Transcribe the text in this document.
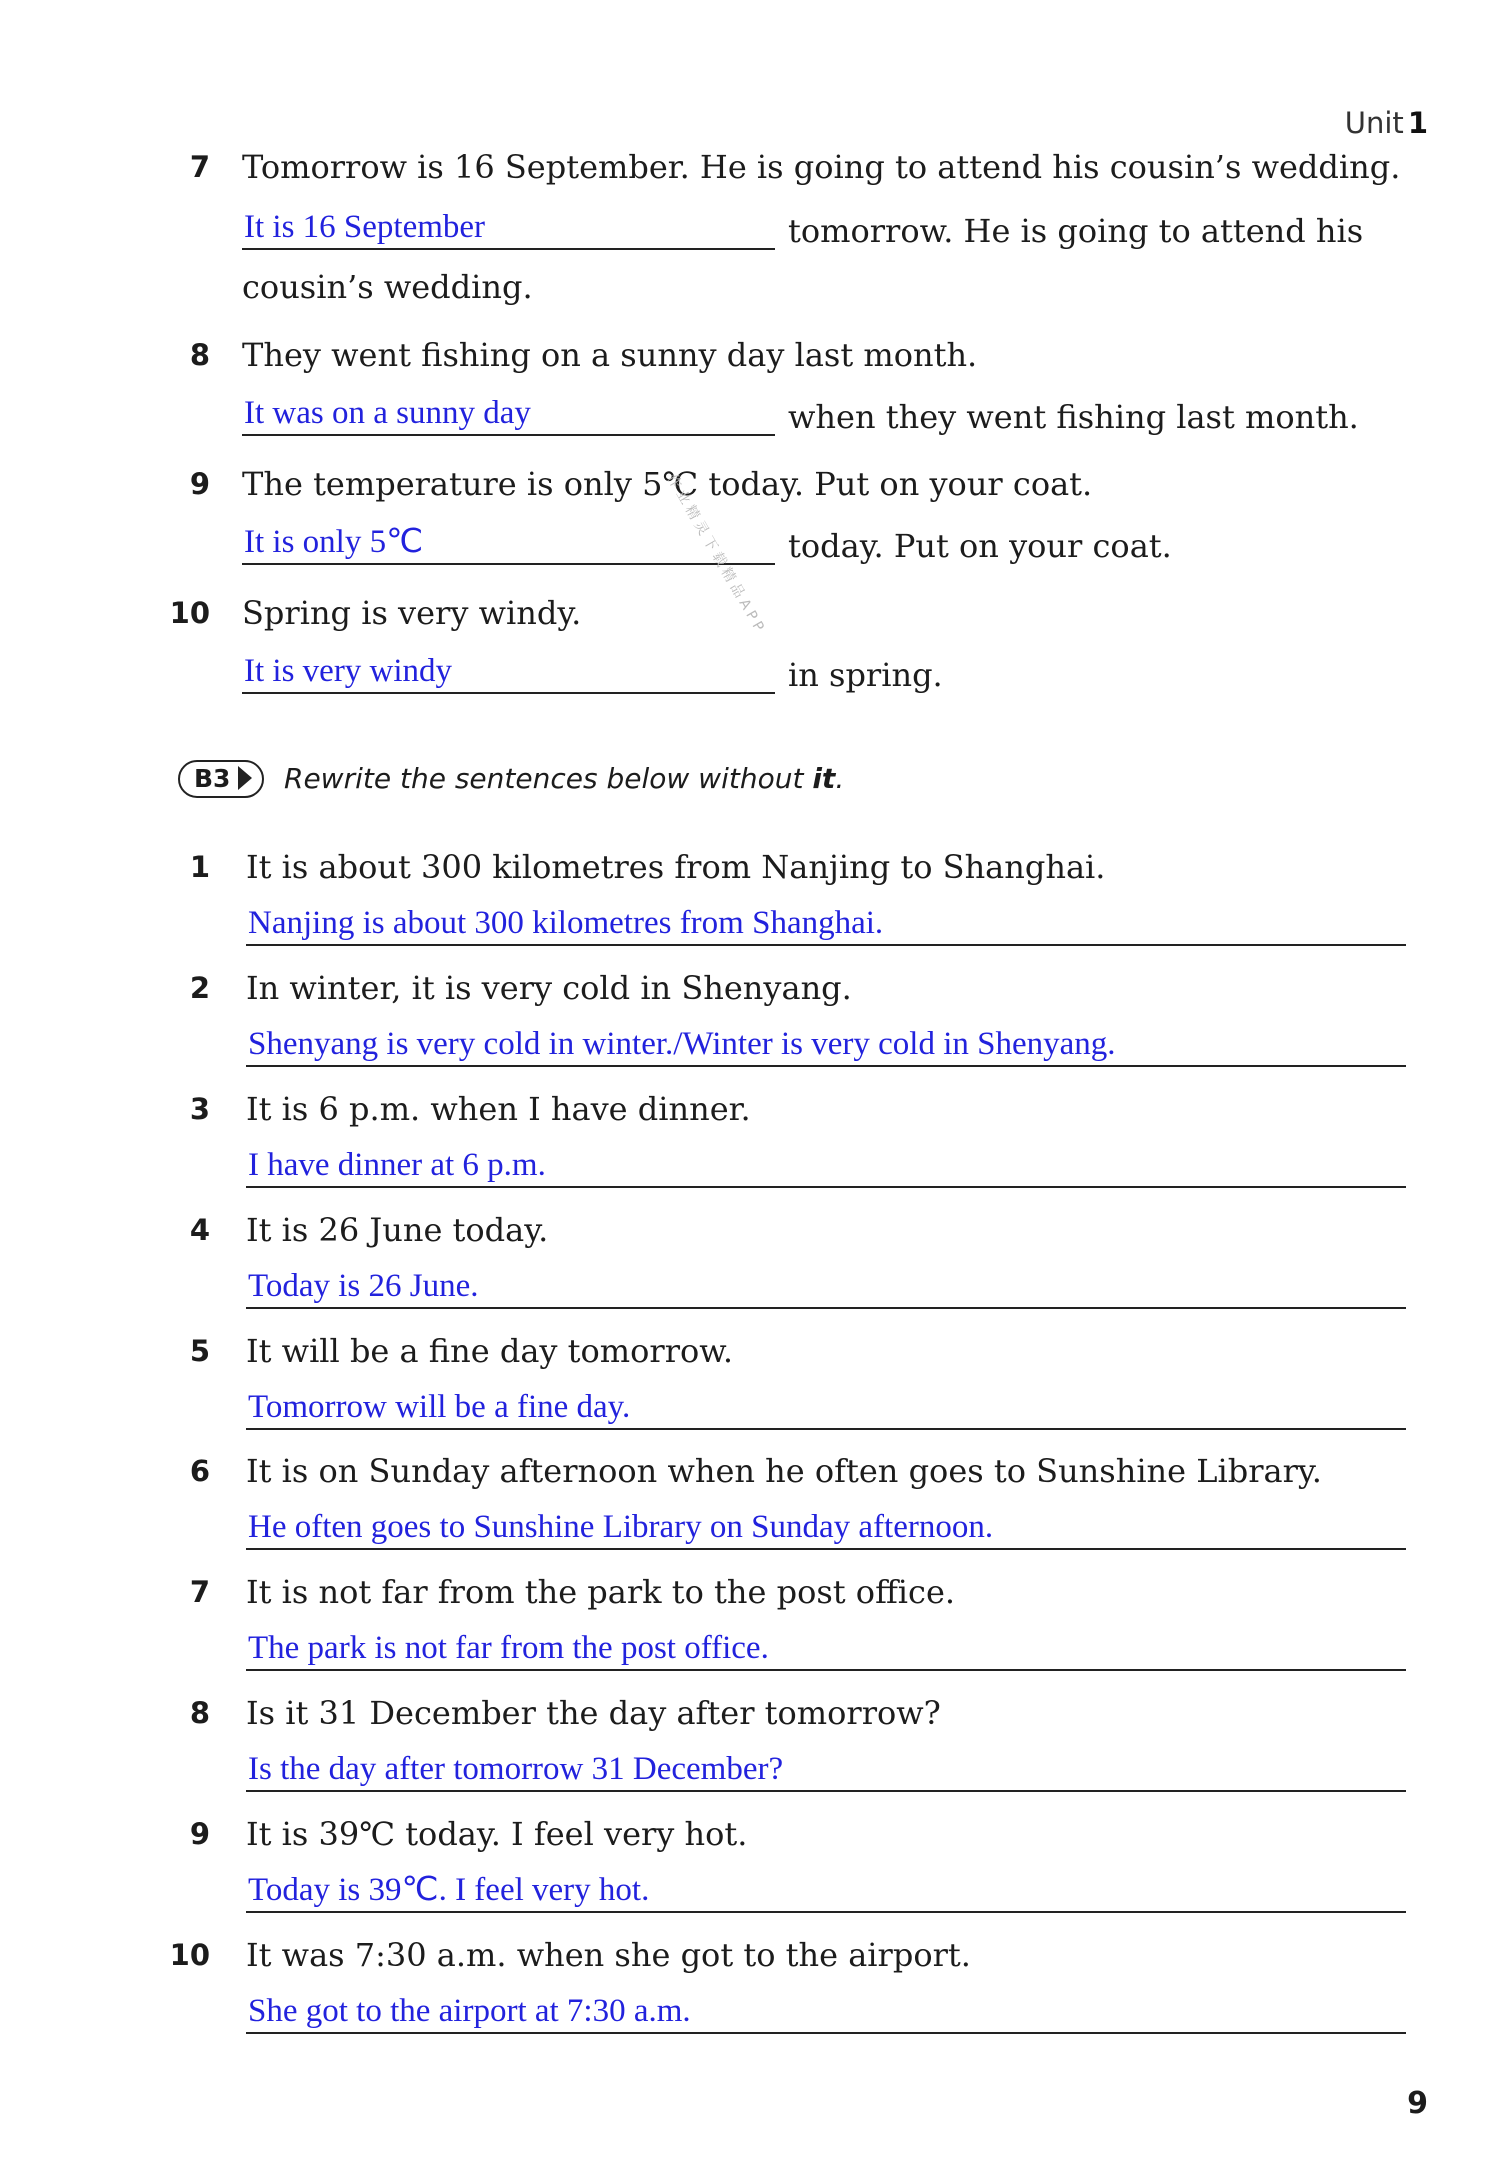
Unit 1
7 Tomorrow is 16 September. He is going to attend his cousin’s wedding.
It is 16 September	tomorrow. He is going to attend his
cousin’s wedding.
8 They went fishing on a sunny day last month.
It was on a sunny day	when they went fishing last month.
9 The temperature is only 5℃ today. Put on your coat.
It is only 5℃	today. Put on your coat.
10 Spring is very windy.
It is very windy	in spring.
作业精灵下载精品APP
B3	Rewrite the sentences below without it.
1 It is about 300 kilometres from Nanjing to Shanghai.
Nanjing is about 300 kilometres from Shanghai.
2 In winter, it is very cold in Shenyang.
Shenyang is very cold in winter./Winter is very cold in Shenyang.
3 It is 6 p.m. when I have dinner.
I have dinner at 6 p.m.
4 It is 26 June today.
Today is 26 June.
5 It will be a fine day tomorrow.
Tomorrow will be a fine day.
6 It is on Sunday afternoon when he often goes to Sunshine Library.
He often goes to Sunshine Library on Sunday afternoon.
7 It is not far from the park to the post office.
The park is not far from the post office.
8 Is it 31 December the day after tomorrow?
Is the day after tomorrow 31 December?
9 It is 39℃ today. I feel very hot.
Today is 39℃. I feel very hot.
10 It was 7:30 a.m. when she got to the airport.
She got to the airport at 7:30 a.m.
9
